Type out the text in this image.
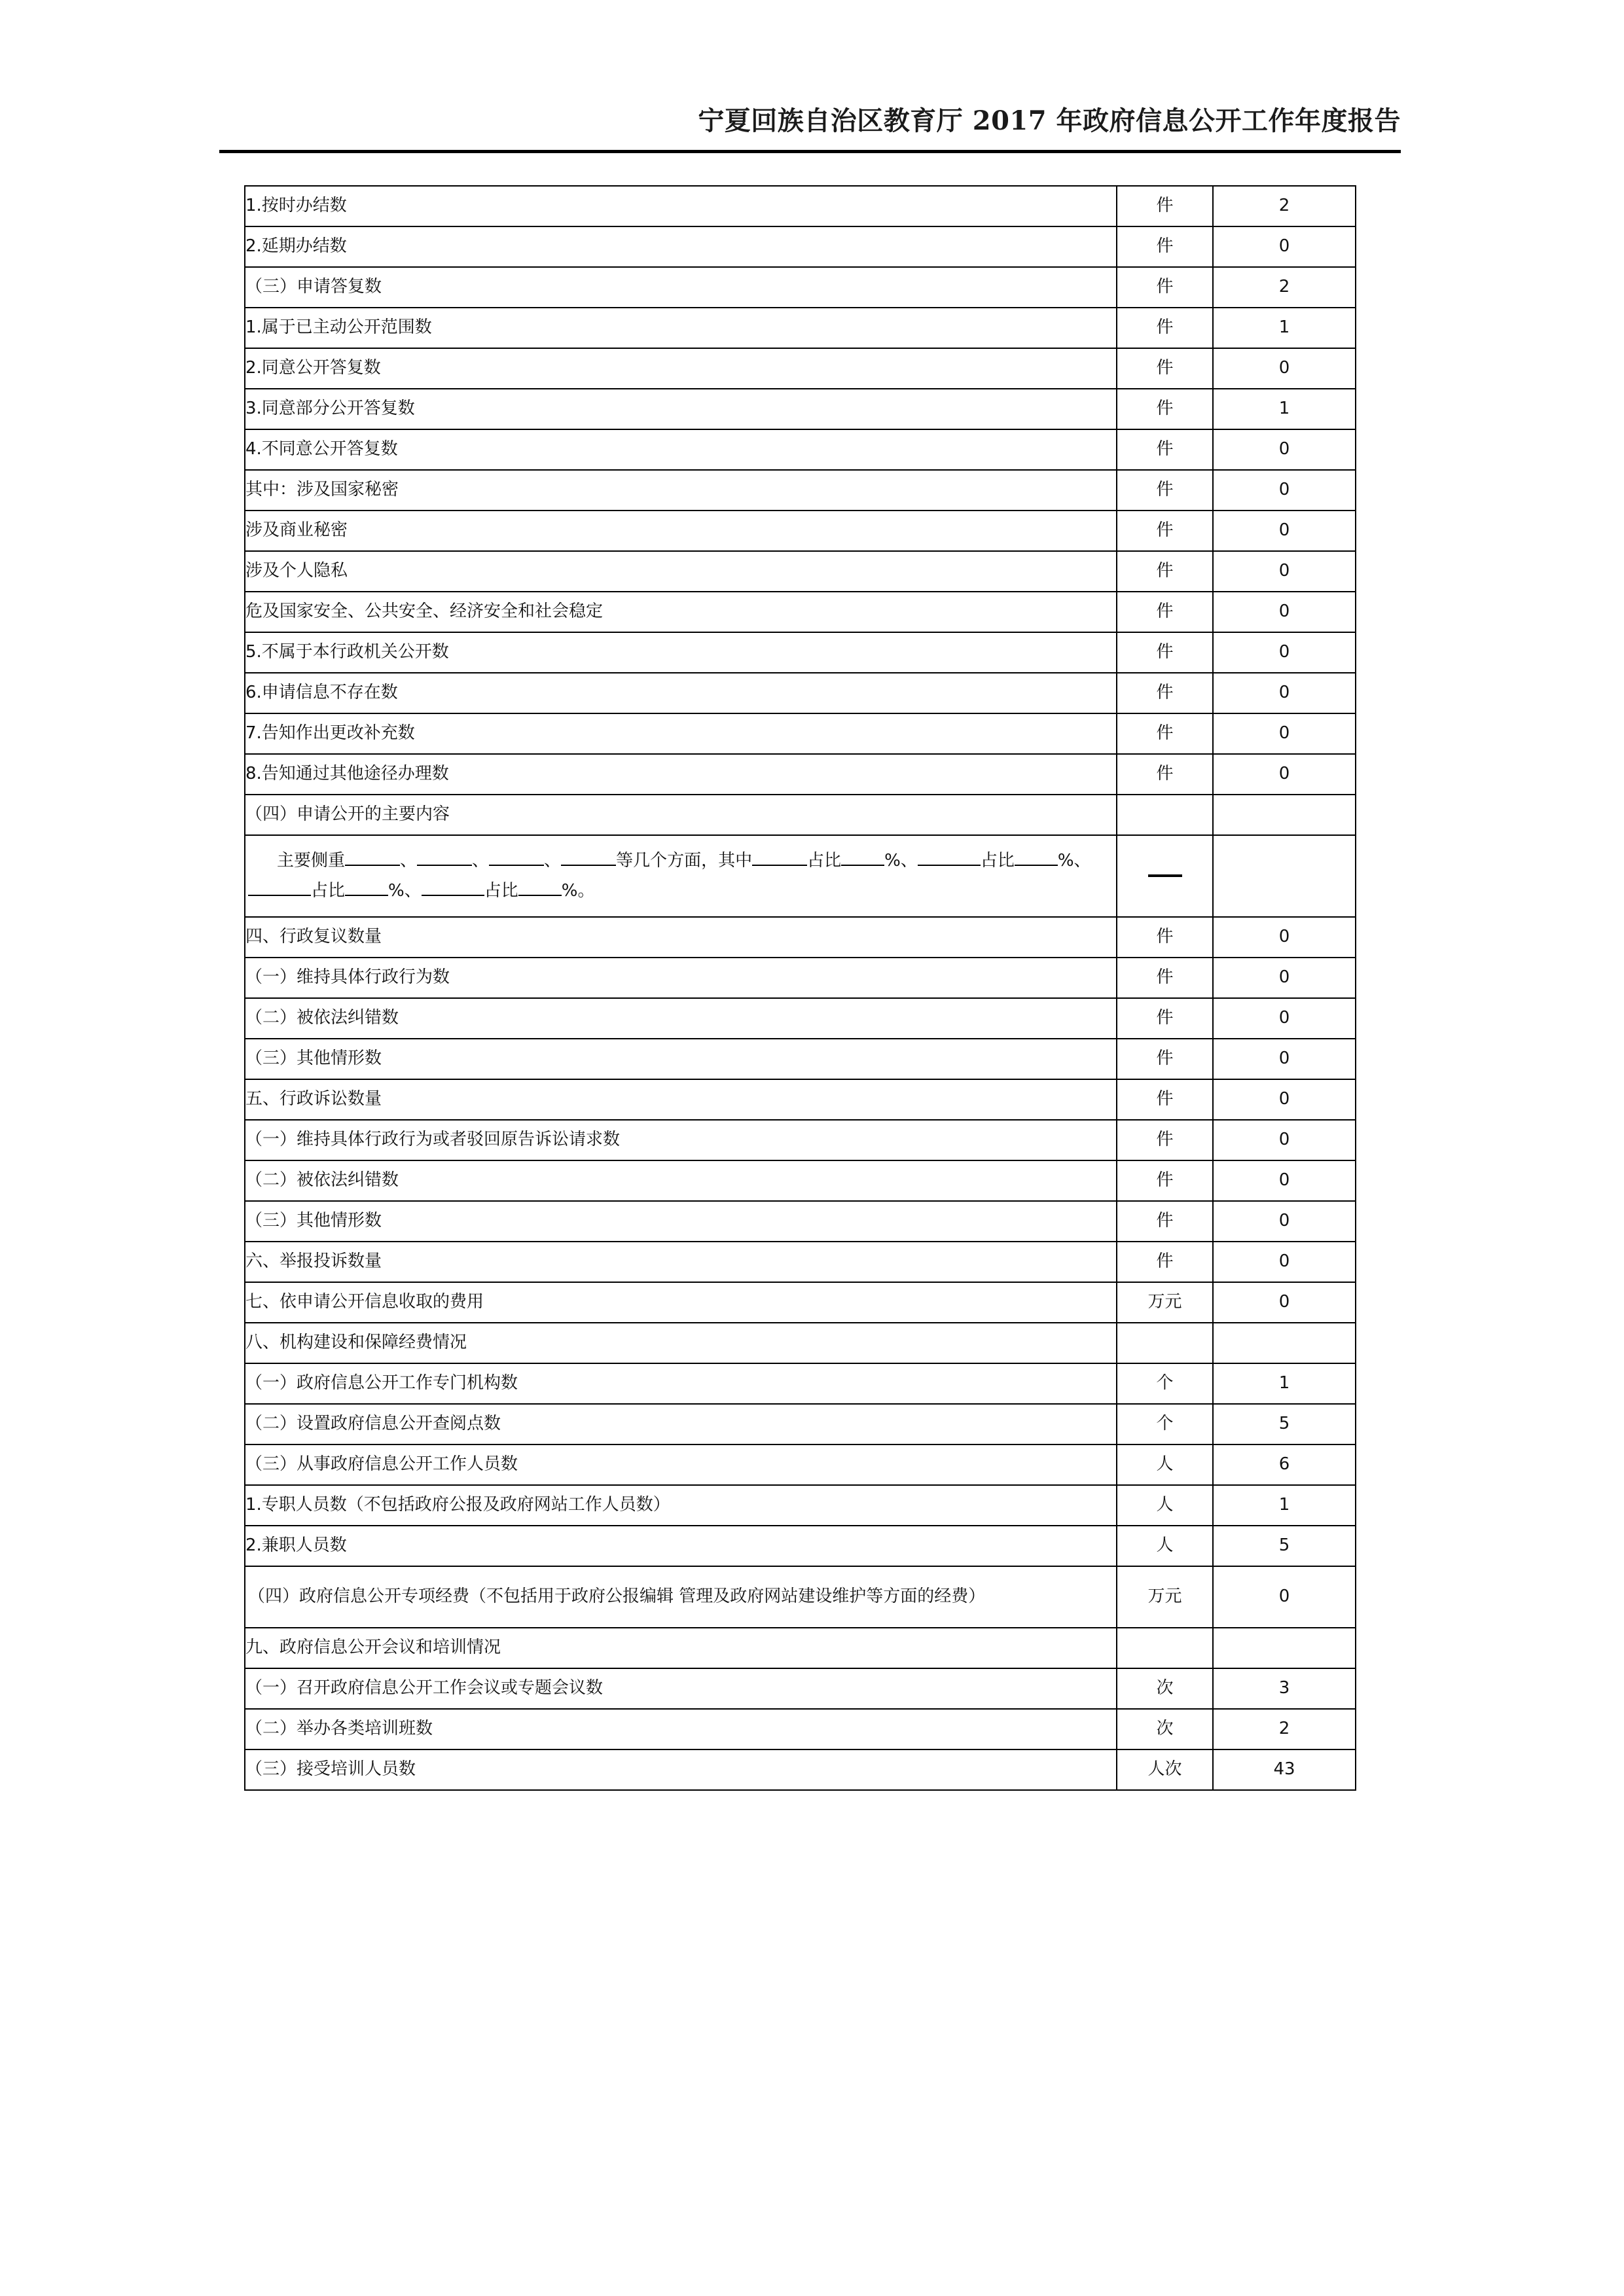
宁夏回族自治区教育厅 2017 年政府信息公开工作年度报告
1.按时办结数	件	2
2.延期办结数	件	0
（三）申请答复数	件	2
1.属于已主动公开范围数	件	1
2.同意公开答复数	件	0
3.同意部分公开答复数	件	1
4.不同意公开答复数	件	0
其中：涉及国家秘密	件	0
涉及商业秘密	件	0
涉及个人隐私	件	0
危及国家安全、公共安全、经济安全和社会稳定	件	0
5.不属于本行政机关公开数	件	0
6.申请信息不存在数	件	0
7.告知作出更改补充数	件	0
8.告知通过其他途径办理数	件	0
（四）申请公开的主要内容		
主要侧重 、 、 、 等几个方面，其中 占比 %、 占比 %、占比 %、 占比 %。		
四、行政复议数量	件	0
（一）维持具体行政行为数	件	0
（二）被依法纠错数	件	0
（三）其他情形数	件	0
五、行政诉讼数量	件	0
（一）维持具体行政行为或者驳回原告诉讼请求数	件	0
（二）被依法纠错数	件	0
（三）其他情形数	件	0
六、举报投诉数量	件	0
七、依申请公开信息收取的费用	万元	0
八、机构建设和保障经费情况		
（一）政府信息公开工作专门机构数	个	1
（二）设置政府信息公开查阅点数	个	5
（三）从事政府信息公开工作人员数	人	6
1.专职人员数（不包括政府公报及政府网站工作人员数）	人	1
2.兼职人员数	人	5
（四）政府信息公开专项经费（不包括用于政府公报编辑 管理及政府网站建设维护等方面的经费）	万元	0
九、政府信息公开会议和培训情况		
（一）召开政府信息公开工作会议或专题会议数	次	3
（二）举办各类培训班数	次	2
（三）接受培训人员数	人次	43
